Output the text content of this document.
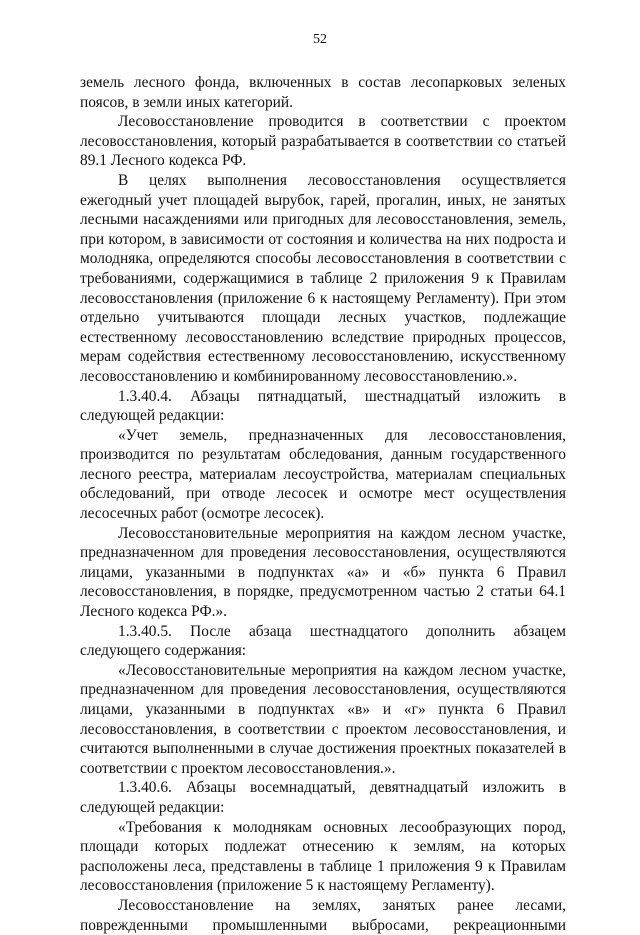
52

земель лесного фонда, включенных в состав лесопарковых зеленых поясов, в земли иных категорий.

Лесовосстановление проводится в соответствии с проектом лесовосстановления, который разрабатывается в соответствии со статьей 89.1 Лесного кодекса РФ.

В целях выполнения лесовосстановления осуществляется ежегодный учет площадей вырубок, гарей, прогалин, иных, не занятых лесными насаждениями или пригодных для лесовосстановления, земель, при котором, в зависимости от состояния и количества на них подроста и молодняка, определяются способы лесовосстановления в соответствии с требованиями, содержащимися в таблице 2 приложения 9 к Правилам лесовосстановления (приложение 6 к настоящему Регламенту). При этом отдельно учитываются площади лесных участков, подлежащие естественному лесовосстановлению вследствие природных процессов, мерам содействия естественному лесовосстановлению, искусственному лесовосстановлению и комбинированному лесовосстановлению.».

1.3.40.4. Абзацы пятнадцатый, шестнадцатый изложить в следующей редакции:

«Учет земель, предназначенных для лесовосстановления, производится по результатам обследования, данным государственного лесного реестра, материалам лесоустройства, материалам специальных обследований, при отводе лесосек и осмотре мест осуществления лесосечных работ (осмотре лесосек).

Лесовосстановительные мероприятия на каждом лесном участке, предназначенном для проведения лесовосстановления, осуществляются лицами, указанными в подпунктах «а» и «б» пункта 6 Правил лесовосстановления, в порядке, предусмотренном частью 2 статьи 64.1 Лесного кодекса РФ.».

1.3.40.5. После абзаца шестнадцатого дополнить абзацем следующего содержания:

«Лесовосстановительные мероприятия на каждом лесном участке, предназначенном для проведения лесовосстановления, осуществляются лицами, указанными в подпунктах «в» и «г» пункта 6 Правил лесовосстановления, в соответствии с проектом лесовосстановления, и считаются выполненными в случае достижения проектных показателей в соответствии с проектом лесовосстановления.».

1.3.40.6. Абзацы восемнадцатый, девятнадцатый изложить в следующей редакции:

«Требования к молоднякам основных лесообразующих пород, площади которых подлежат отнесению к землям, на которых расположены леса, представлены в таблице 1 приложения 9 к Правилам лесовосстановления (приложение 5 к настоящему Регламенту).

Лесовосстановление на землях, занятых ранее лесами, поврежденными промышленными выбросами, рекреационными
